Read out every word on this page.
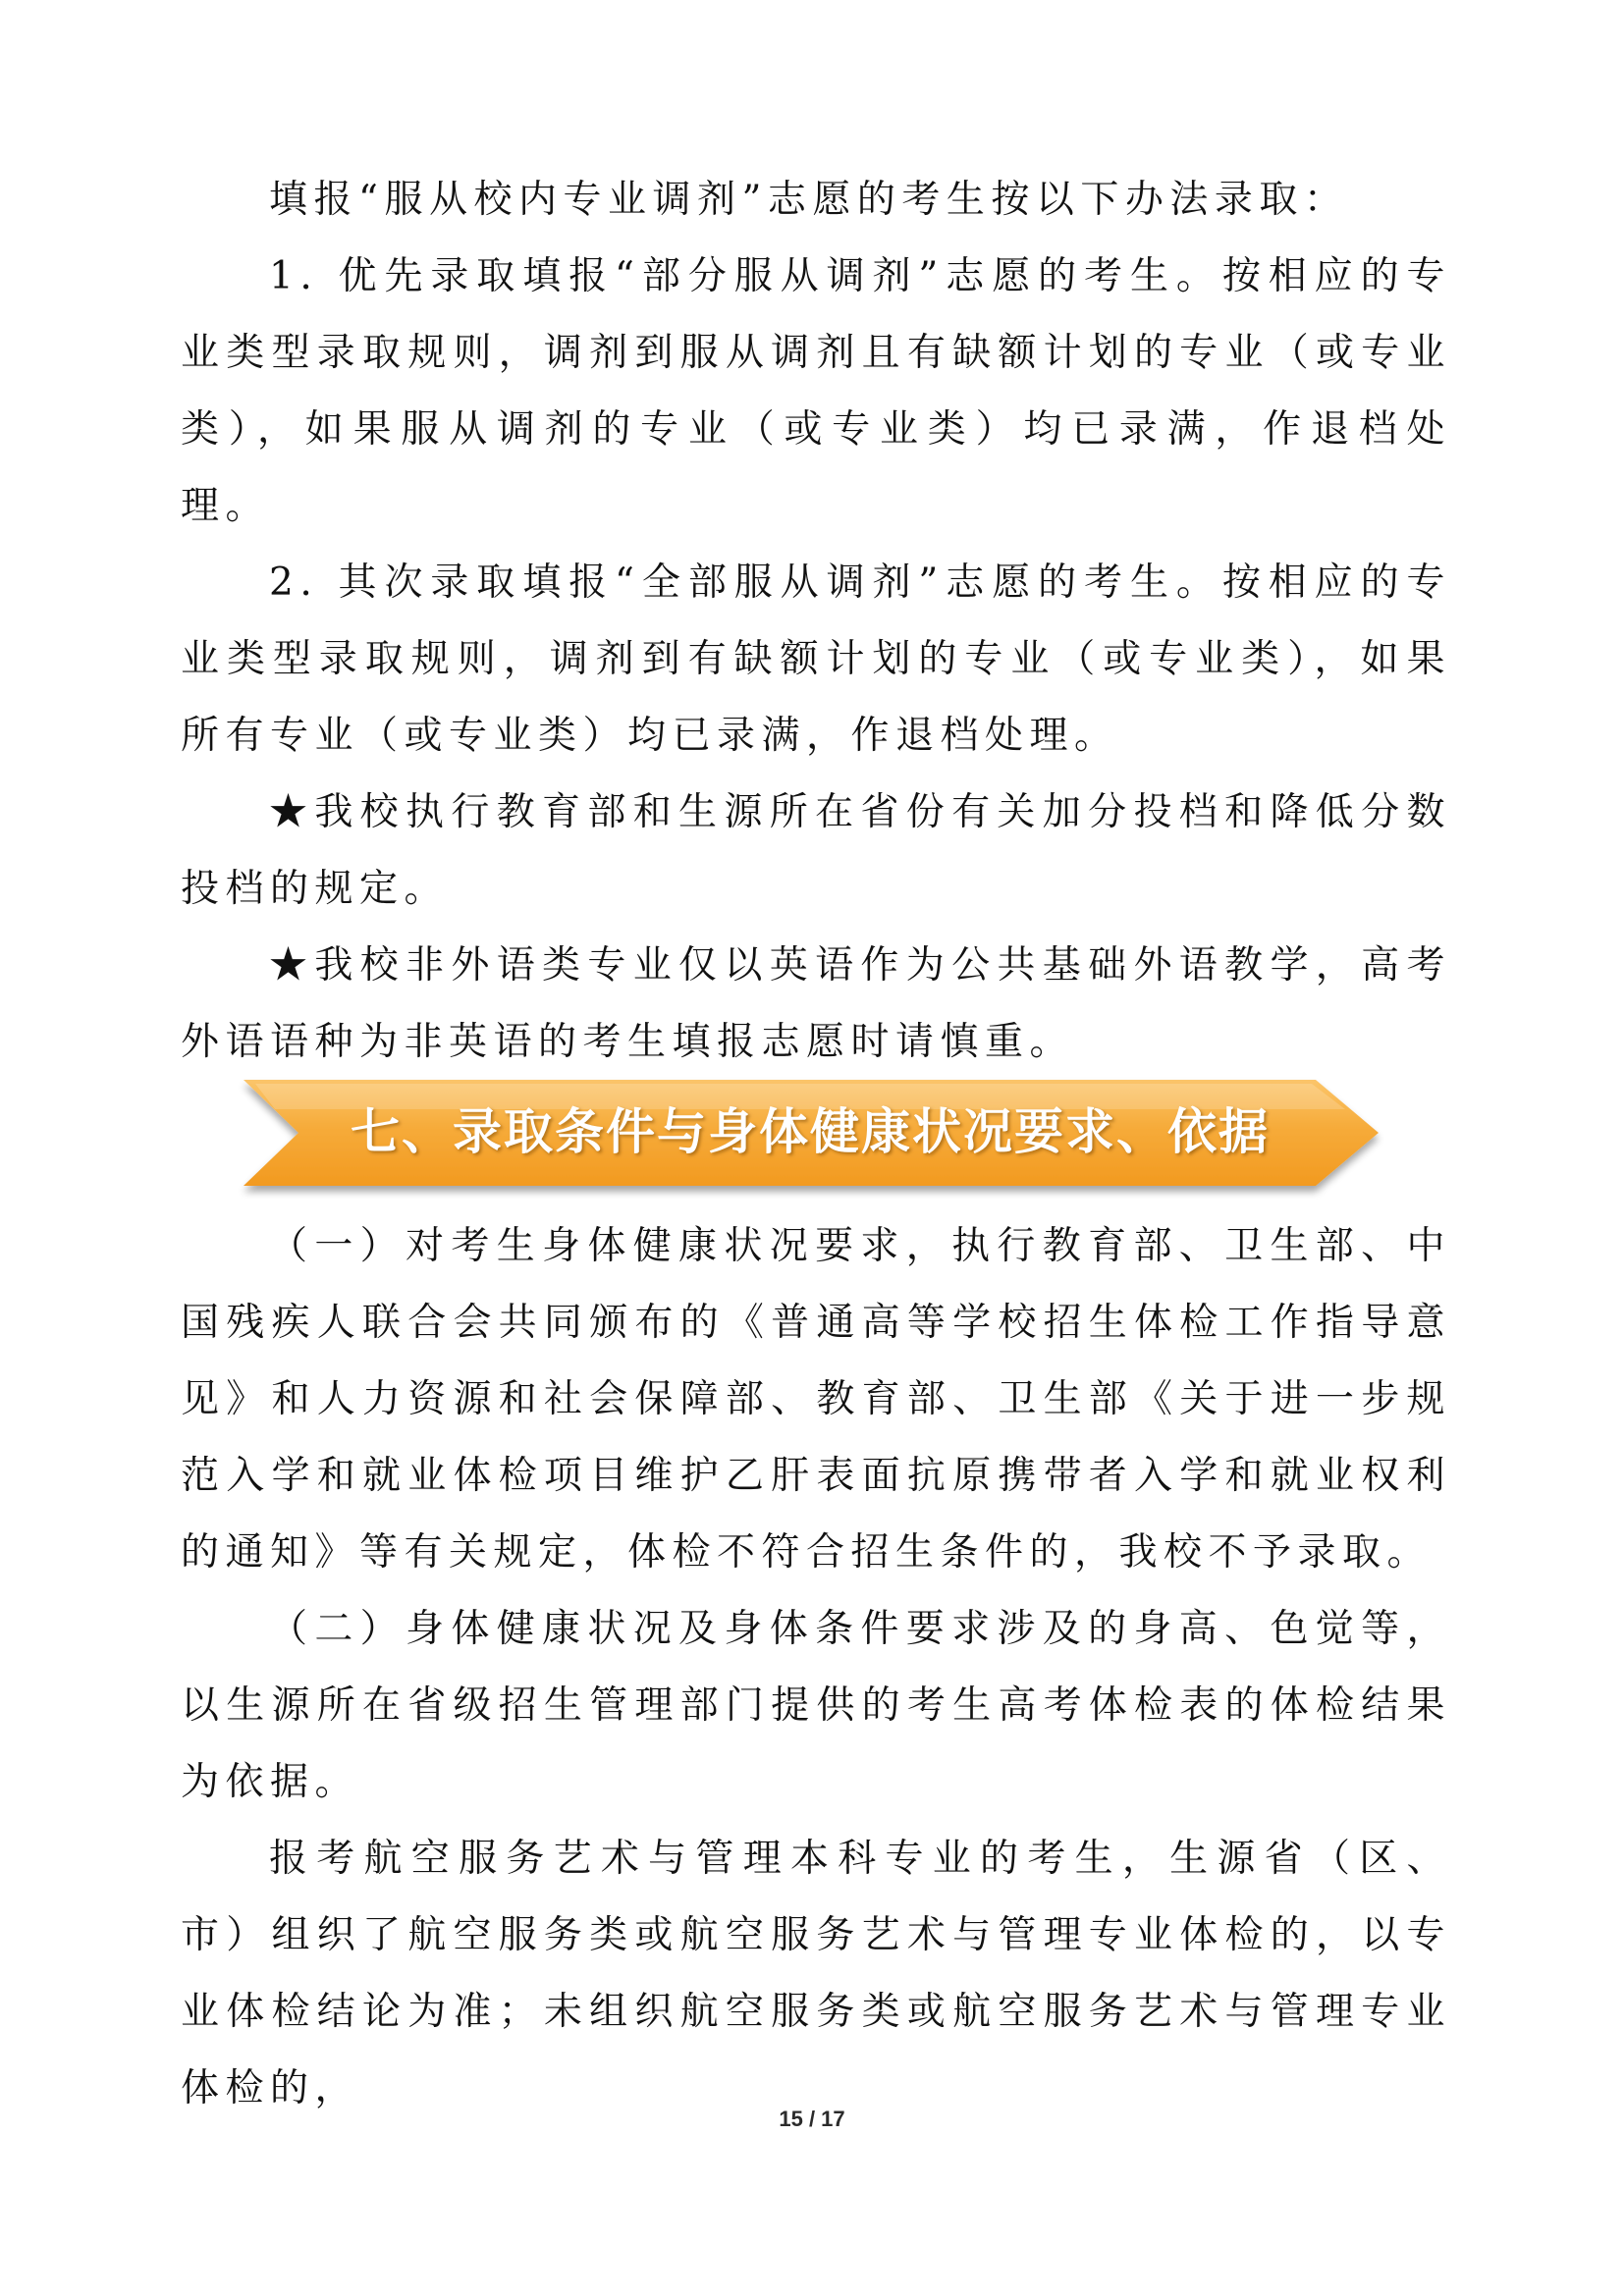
填报“服从校内专业调剂”志愿的考生按以下办法录取：

1. 优先录取填报“部分服从调剂”志愿的考生。按相应的专业类型录取规则，调剂到服从调剂且有缺额计划的专业（或专业类），如果服从调剂的专业（或专业类）均已录满，作退档处理。

2. 其次录取填报“全部服从调剂”志愿的考生。按相应的专业类型录取规则，调剂到有缺额计划的专业（或专业类），如果所有专业（或专业类）均已录满，作退档处理。

★我校执行教育部和生源所在省份有关加分投档和降低分数投档的规定。

★我校非外语类专业仅以英语作为公共基础外语教学，高考外语语种为非英语的考生填报志愿时请慎重。

七、录取条件与身体健康状况要求、依据

（一）对考生身体健康状况要求，执行教育部、卫生部、中国残疾人联合会共同颁布的《普通高等学校招生体检工作指导意见》和人力资源和社会保障部、教育部、卫生部《关于进一步规范入学和就业体检项目维护乙肝表面抗原携带者入学和就业权利的通知》等有关规定，体检不符合招生条件的，我校不予录取。

（二）身体健康状况及身体条件要求涉及的身高、色觉等，以生源所在省级招生管理部门提供的考生高考体检表的体检结果为依据。

报考航空服务艺术与管理本科专业的考生，生源省（区、 市）组织了航空服务类或航空服务艺术与管理专业体检的，以专业体检结论为准；未组织航空服务类或航空服务艺术与管理专业体检的，

15 / 17
